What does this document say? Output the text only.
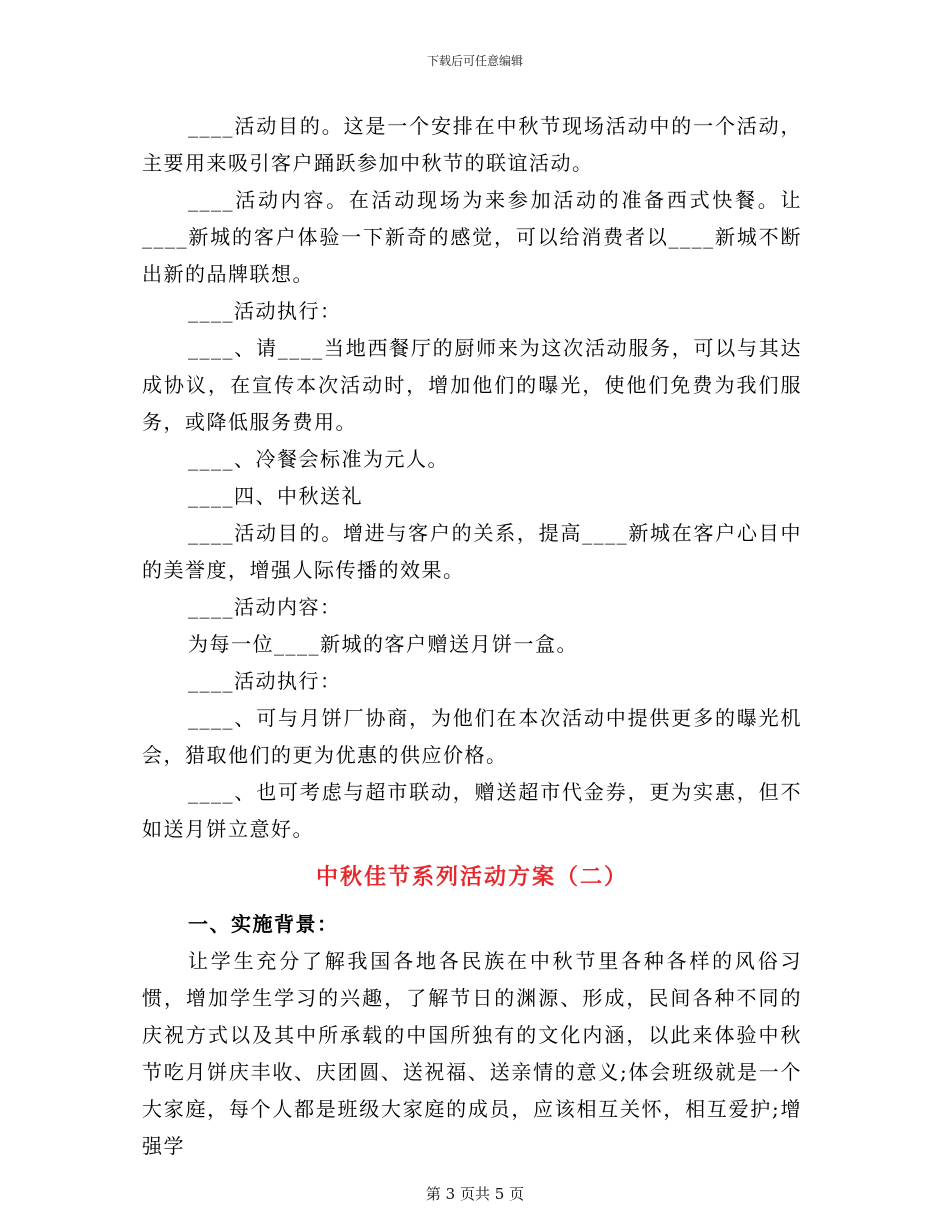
下载后可任意编辑

____活动目的。这是一个安排在中秋节现场活动中的一个活动，主要用来吸引客户踊跃参加中秋节的联谊活动。

____活动内容。在活动现场为来参加活动的准备西式快餐。让____新城的客户体验一下新奇的感觉，可以给消费者以____新城不断出新的品牌联想。

____活动执行：

____、请____当地西餐厅的厨师来为这次活动服务，可以与其达成协议，在宣传本次活动时，增加他们的曝光，使他们免费为我们服务，或降低服务费用。

____、冷餐会标准为元人。

____四、中秋送礼

____活动目的。增进与客户的关系，提高____新城在客户心目中的美誉度，增强人际传播的效果。

____活动内容：

为每一位____新城的客户赠送月饼一盒。

____活动执行：

____、可与月饼厂协商，为他们在本次活动中提供更多的曝光机会，猎取他们的更为优惠的供应价格。

____、也可考虑与超市联动，赠送超市代金券，更为实惠，但不如送月饼立意好。

中秋佳节系列活动方案（二）

一、实施背景：

让学生充分了解我国各地各民族在中秋节里各种各样的风俗习惯，增加学生学习的兴趣，了解节日的渊源、形成，民间各种不同的庆祝方式以及其中所承载的中国所独有的文化内涵，以此来体验中秋节吃月饼庆丰收、庆团圆、送祝福、送亲情的意义;体会班级就是一个大家庭，每个人都是班级大家庭的成员，应该相互关怀，相互爱护;增强学

第 3 页共 5 页
